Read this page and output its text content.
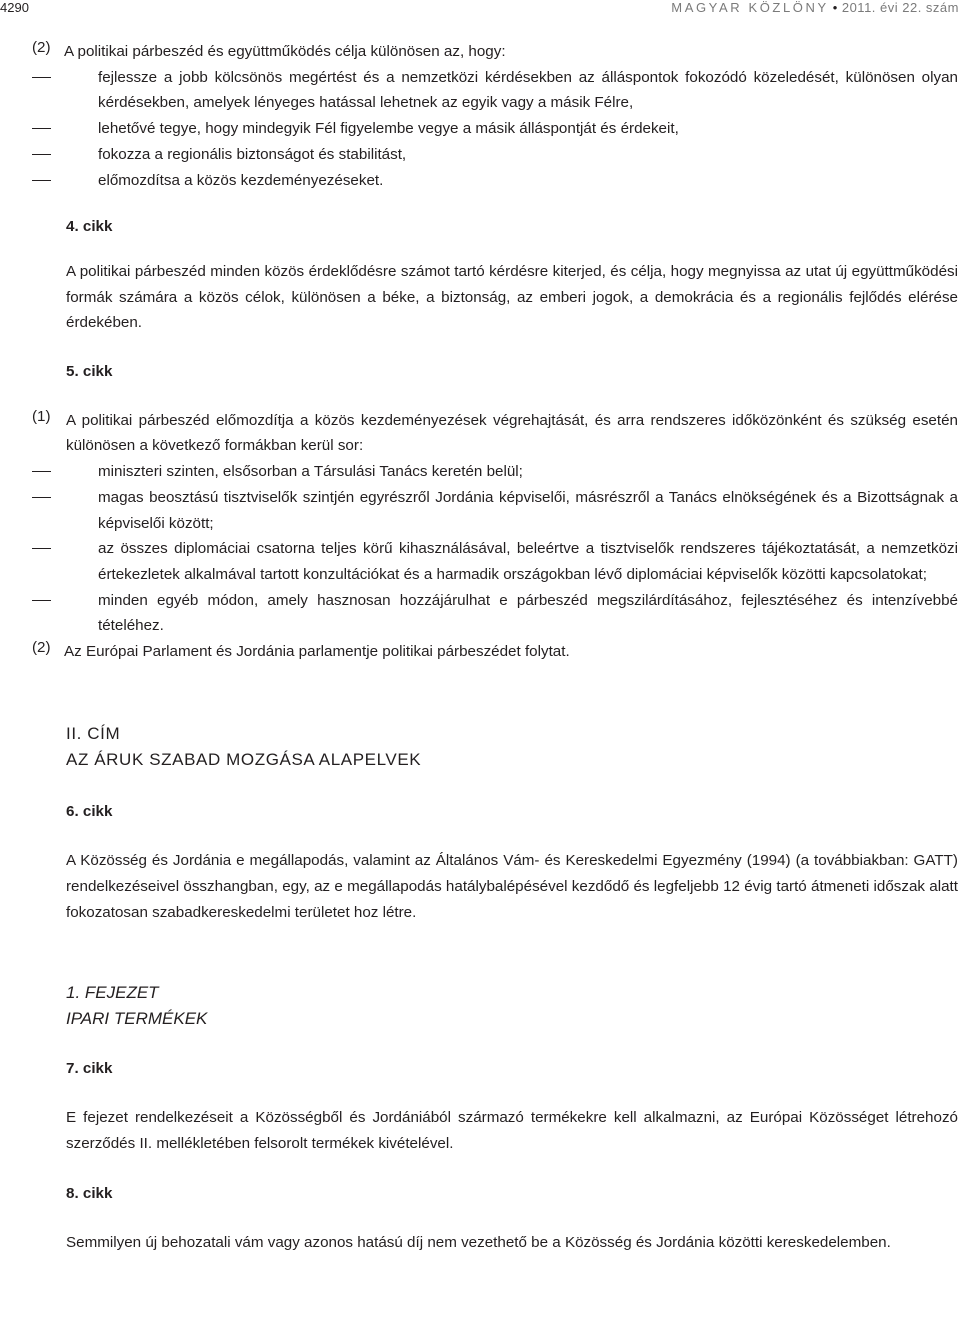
4290	MAGYAR KÖZLÖNY • 2011. évi 22. szám
(2) A politikai párbeszéd és együttműködés célja különösen az, hogy:

fejlessze a jobb kölcsönös megértést és a nemzetközi kérdésekben az álláspontok fokozódó közeledését, különösen olyan kérdésekben, amelyek lényeges hatással lehetnek az egyik vagy a másik Félre,
lehetővé tegye, hogy mindegyik Fél figyelembe vegye a másik álláspontját és érdekeit,
fokozza a regionális biztonságot és stabilitást,
előmozdítsa a közös kezdeményezéseket.

4. cikk

A politikai párbeszéd minden közös érdeklődésre számot tartó kérdésre kiterjed, és célja, hogy megnyissa az utat új együttműködési formák számára a közös célok, különösen a béke, a biztonság, az emberi jogok, a demokrácia és a regionális fejlődés elérése érdekében.

5. cikk

(1) A politikai párbeszéd előmozdítja a közös kezdeményezések végrehajtását, és arra rendszeres időközönként és szükség esetén különösen a következő formákban kerül sor:

miniszteri szinten, elsősorban a Társulási Tanács keretén belül;
magas beosztású tisztviselők szintjén egyrészről Jordánia képviselői, másrészről a Tanács elnökségének és a Bizottságnak a képviselői között;
az összes diplomáciai csatorna teljes körű kihasználásával, beleértve a tisztviselők rendszeres tájékoztatását, a nemzetközi értekezletek alkalmával tartott konzultációkat és a harmadik országokban lévő diplomáciai képviselők közötti kapcsolatokat;
minden egyéb módon, amely hasznosan hozzájárulhat e párbeszéd megszilárdításához, fejlesztéséhez és intenzívebbé tételéhez.
(2) Az Európai Parlament és Jordánia parlamentje politikai párbeszédet folytat.

II. CÍM

AZ ÁRUK SZABAD MOZGÁSA ALAPELVEK

6. cikk

A Közösség és Jordánia e megállapodás, valamint az Általános Vám- és Kereskedelmi Egyezmény (1994) (a továbbiakban: GATT) rendelkezéseivel összhangban, egy, az e megállapodás hatálybalépésével kezdődő és legfeljebb 12 évig tartó átmeneti időszak alatt fokozatosan szabadkereskedelmi területet hoz létre.

1. FEJEZET

IPARI TERMÉKEK

7. cikk

E fejezet rendelkezéseit a Közösségből és Jordániából származó termékekre kell alkalmazni, az Európai Közösséget létrehozó szerződés II. mellékletében felsorolt termékek kivételével.

8. cikk

Semmilyen új behozatali vám vagy azonos hatású díj nem vezethető be a Közösség és Jordánia közötti kereskedelemben.
